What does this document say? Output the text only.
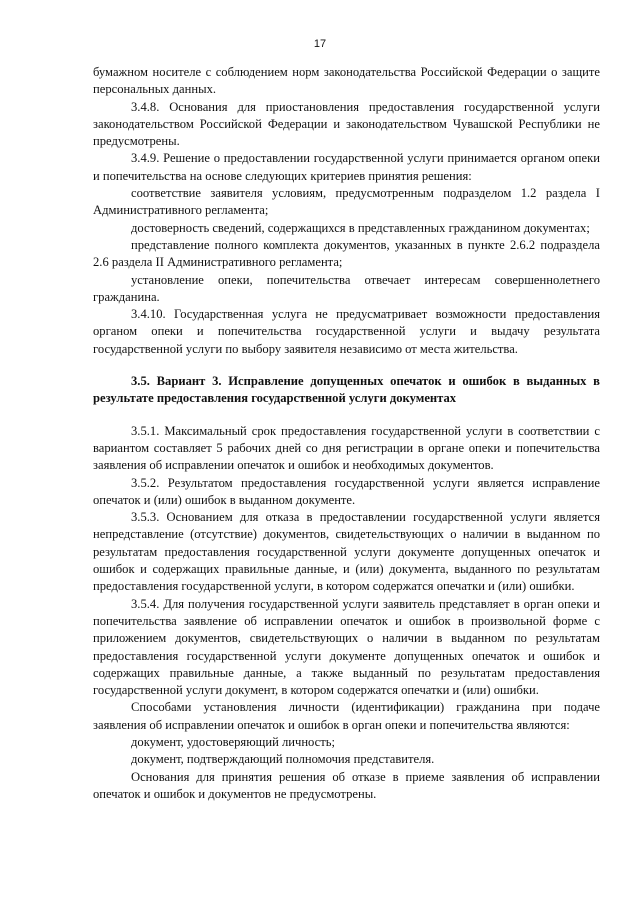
17

бумажном носителе с соблюдением норм законодательства Российской Федерации о защите персональных данных.

3.4.8. Основания для приостановления предоставления государственной услуги законодательством Российской Федерации и законодательством Чувашской Республики не предусмотрены.

3.4.9. Решение о предоставлении государственной услуги принимается органом опеки и попечительства на основе следующих критериев принятия решения:

соответствие заявителя условиям, предусмотренным подразделом 1.2 раздела I Административного регламента;

достоверность сведений, содержащихся в представленных гражданином документах;

представление полного комплекта документов, указанных в пункте 2.6.2 подраздела 2.6 раздела II Административного регламента;

установление опеки, попечительства отвечает интересам совершеннолетнего гражданина.

3.4.10. Государственная услуга не предусматривает возможности предоставления органом опеки и попечительства государственной услуги и выдачу результата государственной услуги по выбору заявителя независимо от места жительства.

3.5. Вариант 3. Исправление допущенных опечаток и ошибок в выданных в результате предоставления государственной услуги документах

3.5.1. Максимальный срок предоставления государственной услуги в соответствии с вариантом составляет 5 рабочих дней со дня регистрации в органе опеки и попечительства заявления об исправлении опечаток и ошибок и необходимых документов.

3.5.2. Результатом предоставления государственной услуги является исправление опечаток и (или) ошибок в выданном документе.

3.5.3. Основанием для отказа в предоставлении государственной услуги является непредставление (отсутствие) документов, свидетельствующих о наличии в выданном по результатам предоставления государственной услуги документе допущенных опечаток и ошибок и содержащих правильные данные, и (или) документа, выданного по результатам предоставления государственной услуги, в котором содержатся опечатки и (или) ошибки.

3.5.4. Для получения государственной услуги заявитель представляет в орган опеки и попечительства заявление об исправлении опечаток и ошибок в произвольной форме с приложением документов, свидетельствующих о наличии в выданном по результатам предоставления государственной услуги документе допущенных опечаток и ошибок и содержащих правильные данные, а также выданный по результатам предоставления государственной услуги документ, в котором содержатся опечатки и (или) ошибки.

Способами установления личности (идентификации) гражданина при подаче заявления об исправлении опечаток и ошибок в орган опеки и попечительства являются:

документ, удостоверяющий личность;

документ, подтверждающий полномочия представителя.

Основания для принятия решения об отказе в приеме заявления об исправлении опечаток и ошибок и документов не предусмотрены.
